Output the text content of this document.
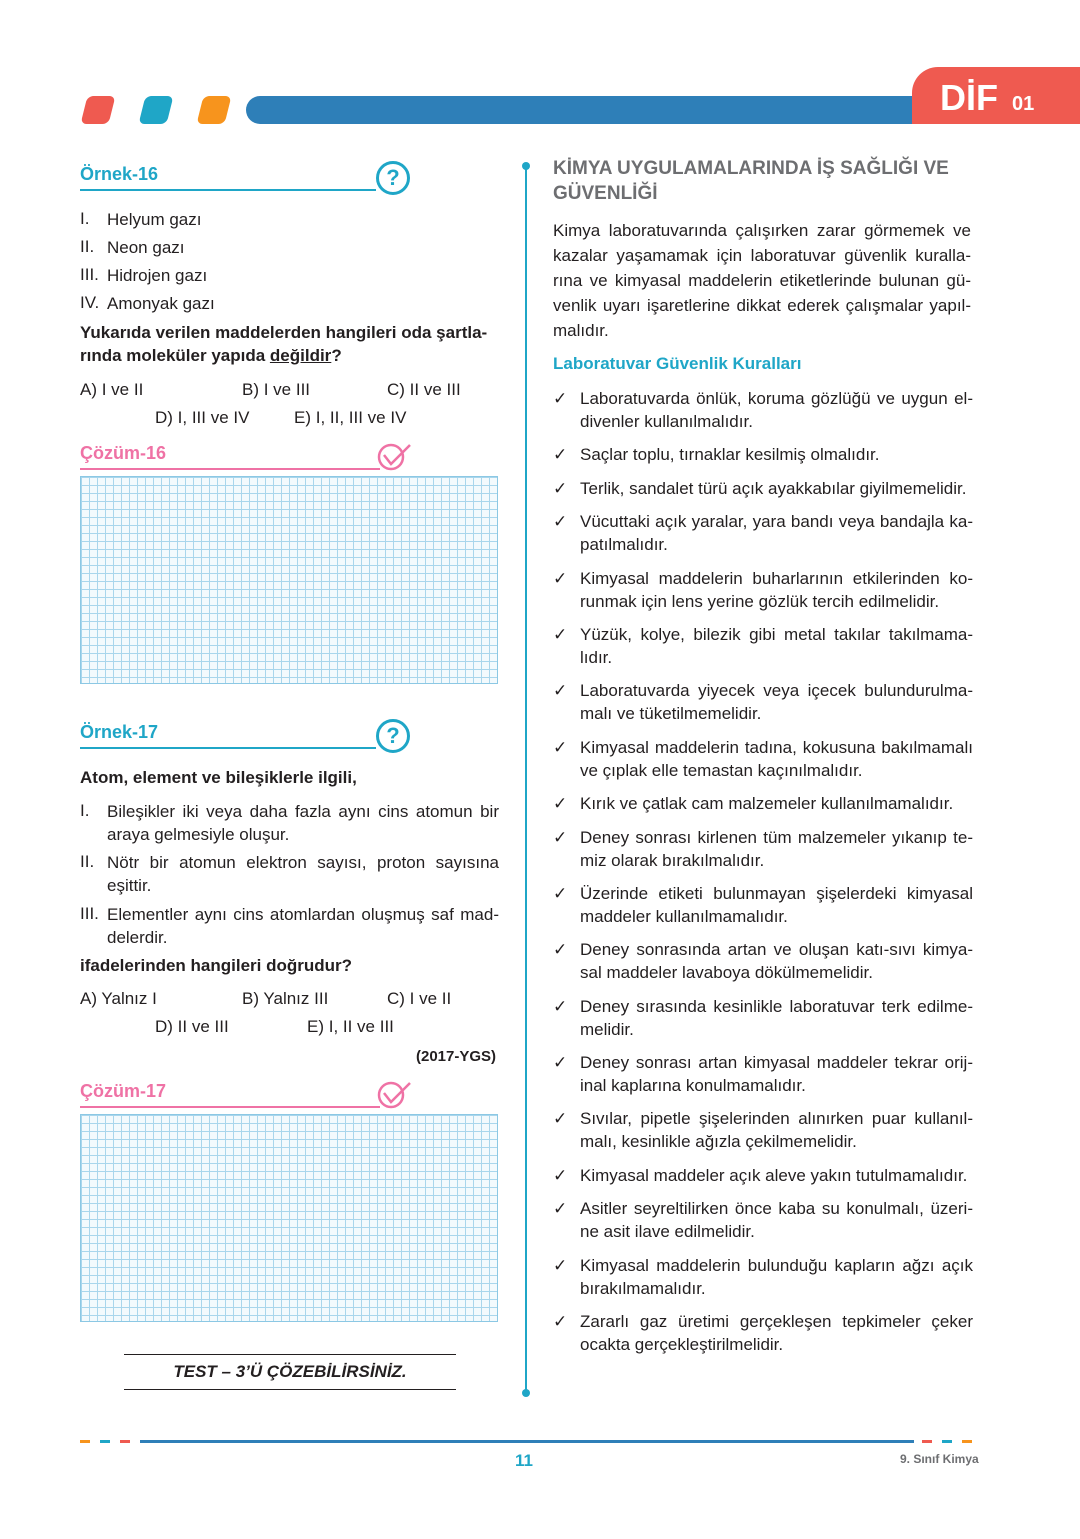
DİF 01
Örnek-16	?
I. Helyum gazı
II. Neon gazı
III. Hidrojen gazı
IV. Amonyak gazı
Yukarıda verilen maddelerden hangileri oda şartla-
rında moleküler yapıda değildir?
A) I ve II	B) I ve III	C) II ve III
D) I, III ve IV	E) I, II, III ve IV
Çözüm-16
Örnek-17	?
Atom, element ve bileşiklerle ilgili,
I. Bileşikler iki veya daha fazla aynı cins atomun bir
araya gelmesiyle oluşur.
II. Nötr bir atomun elektron sayısı, proton sayısına
eşittir.
III. Elementler aynı cins atomlardan oluşmuş saf mad-
delerdir.
ifadelerinden hangileri doğrudur?
A) Yalnız I	B) Yalnız III	C) I ve II
D) II ve III	E) I, II ve III
(2017-YGS)
Çözüm-17
TEST – 3’Ü ÇÖZEBİLİRSİNİZ.
KİMYA UYGULAMALARINDA İŞ SAĞLIĞI VE GÜVENLİĞİ
Kimya laboratuvarında çalışırken zarar görmemek ve kazalar yaşamamak için laboratuvar güvenlik kurallarına ve kimyasal maddelerin etiketlerinde bulunan güvenlik uyarı işaretlerine dikkat ederek çalışmalar yapılmalıdır.
Laboratuvar Güvenlik Kuralları
✓ Laboratuvarda önlük, koruma gözlüğü ve uygun eldivenler kullanılmalıdır.
✓ Saçlar toplu, tırnaklar kesilmiş olmalıdır.
✓ Terlik, sandalet türü açık ayakkabılar giyilmemelidir.
✓ Vücuttaki açık yaralar, yara bandı veya bandajla kapatılmalıdır.
✓ Kimyasal maddelerin buharlarının etkilerinden korunmak için lens yerine gözlük tercih edilmelidir.
✓ Yüzük, kolye, bilezik gibi metal takılar takılmamalıdır.
✓ Laboratuvarda yiyecek veya içecek bulundurulmamalı ve tüketilmemelidir.
✓ Kimyasal maddelerin tadına, kokusuna bakılmamalı ve çıplak elle temastan kaçınılmalıdır.
✓ Kırık ve çatlak cam malzemeler kullanılmamalıdır.
✓ Deney sonrası kirlenen tüm malzemeler yıkanıp temiz olarak bırakılmalıdır.
✓ Üzerinde etiketi bulunmayan şişelerdeki kimyasal maddeler kullanılmamalıdır.
✓ Deney sonrasında artan ve oluşan katı-sıvı kimyasal maddeler lavaboya dökülmemelidir.
✓ Deney sırasında kesinlikle laboratuvar terk edilmemelidir.
✓ Deney sonrası artan kimyasal maddeler tekrar orijinal kaplarına konulmamalıdır.
✓ Sıvılar, pipetle şişelerinden alınırken puar kullanılmalı, kesinlikle ağızla çekilmemelidir.
✓ Kimyasal maddeler açık aleve yakın tutulmamalıdır.
✓ Asitler seyreltilirken önce kaba su konulmalı, üzerine asit ilave edilmelidir.
✓ Kimyasal maddelerin bulunduğu kapların ağzı açık bırakılmamalıdır.
✓ Zararlı gaz üretimi gerçekleşen tepkimeler çeker ocakta gerçekleştirilmelidir.
11	9. Sınıf Kimya
